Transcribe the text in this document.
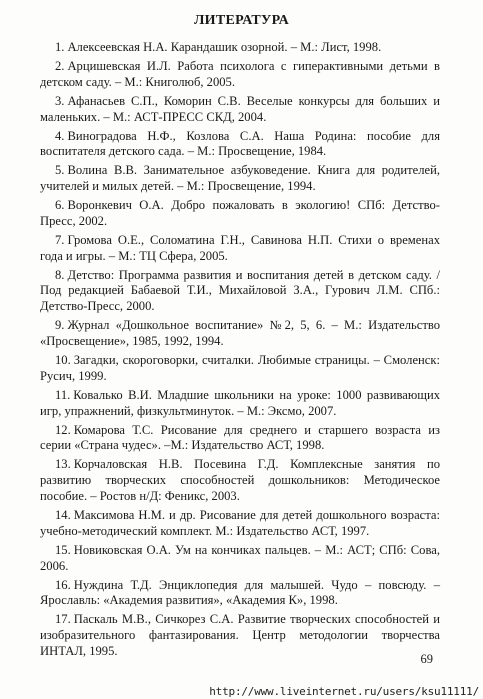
ЛИТЕРАТУРА
1. Алексеевская Н.А. Карандашик озорной. – М.: Лист, 1998.
2. Арцишевская И.Л. Работа психолога с гиперактивными детьми в детском саду. – М.: Книголюб, 2005.
3. Афанасьев С.П., Коморин С.В. Веселые конкурсы для больших и маленьких. – М.: АСТ-ПРЕСС СКД, 2004.
4. Виноградова Н.Ф., Козлова С.А. Наша Родина: пособие для воспитателя детского сада. – М.: Просвещение, 1984.
5. Волина В.В. Занимательное азбуковедение. Книга для родителей, учителей и милых детей. – М.: Просвещение, 1994.
6. Воронкевич О.А. Добро пожаловать в экологию! СПб: Детство-Пресс, 2002.
7. Громова О.Е., Соломатина Г.Н., Савинова Н.П. Стихи о временах года и игры. – М.: ТЦ Сфера, 2005.
8. Детство: Программа развития и воспитания детей в детском саду. /Под редакцией Бабаевой Т.И., Михайловой З.А., Гурович Л.М. СПб.: Детство-Пресс, 2000.
9. Журнал «Дошкольное воспитание» №2, 5, 6. – М.: Издательство «Просвещение», 1985, 1992, 1994.
10. Загадки, скороговорки, считалки. Любимые страницы. – Смоленск: Русич, 1999.
11. Ковалько В.И. Младшие школьники на уроке: 1000 развивающих игр, упражнений, физкультминуток. – М.: Эксмо, 2007.
12. Комарова Т.С. Рисование для среднего и старшего возраста из серии «Страна чудес». –М.: Издательство АСТ, 1998.
13. Корчаловская Н.В. Посевина Г.Д. Комплексные занятия по развитию творческих способностей дошкольников: Методическое пособие. – Ростов н/Д: Феникс, 2003.
14. Максимова Н.М. и др. Рисование для детей дошкольного возраста: учебно-методический комплект. М.: Издательство АСТ, 1997.
15. Новиковская О.А. Ум на кончиках пальцев. – М.: АСТ; СПб: Сова, 2006.
16. Нуждина Т.Д. Энциклопедия для малышей. Чудо – повсюду. – Ярославль: «Академия развития», «Академия К», 1998.
17. Паскаль М.В., Сичкорез С.А. Развитие творческих способностей и изобразительного фантазирования. Центр методологии творчества ИНТАЛ, 1995.
69
http://www.liveinternet.ru/users/ksu11111/
